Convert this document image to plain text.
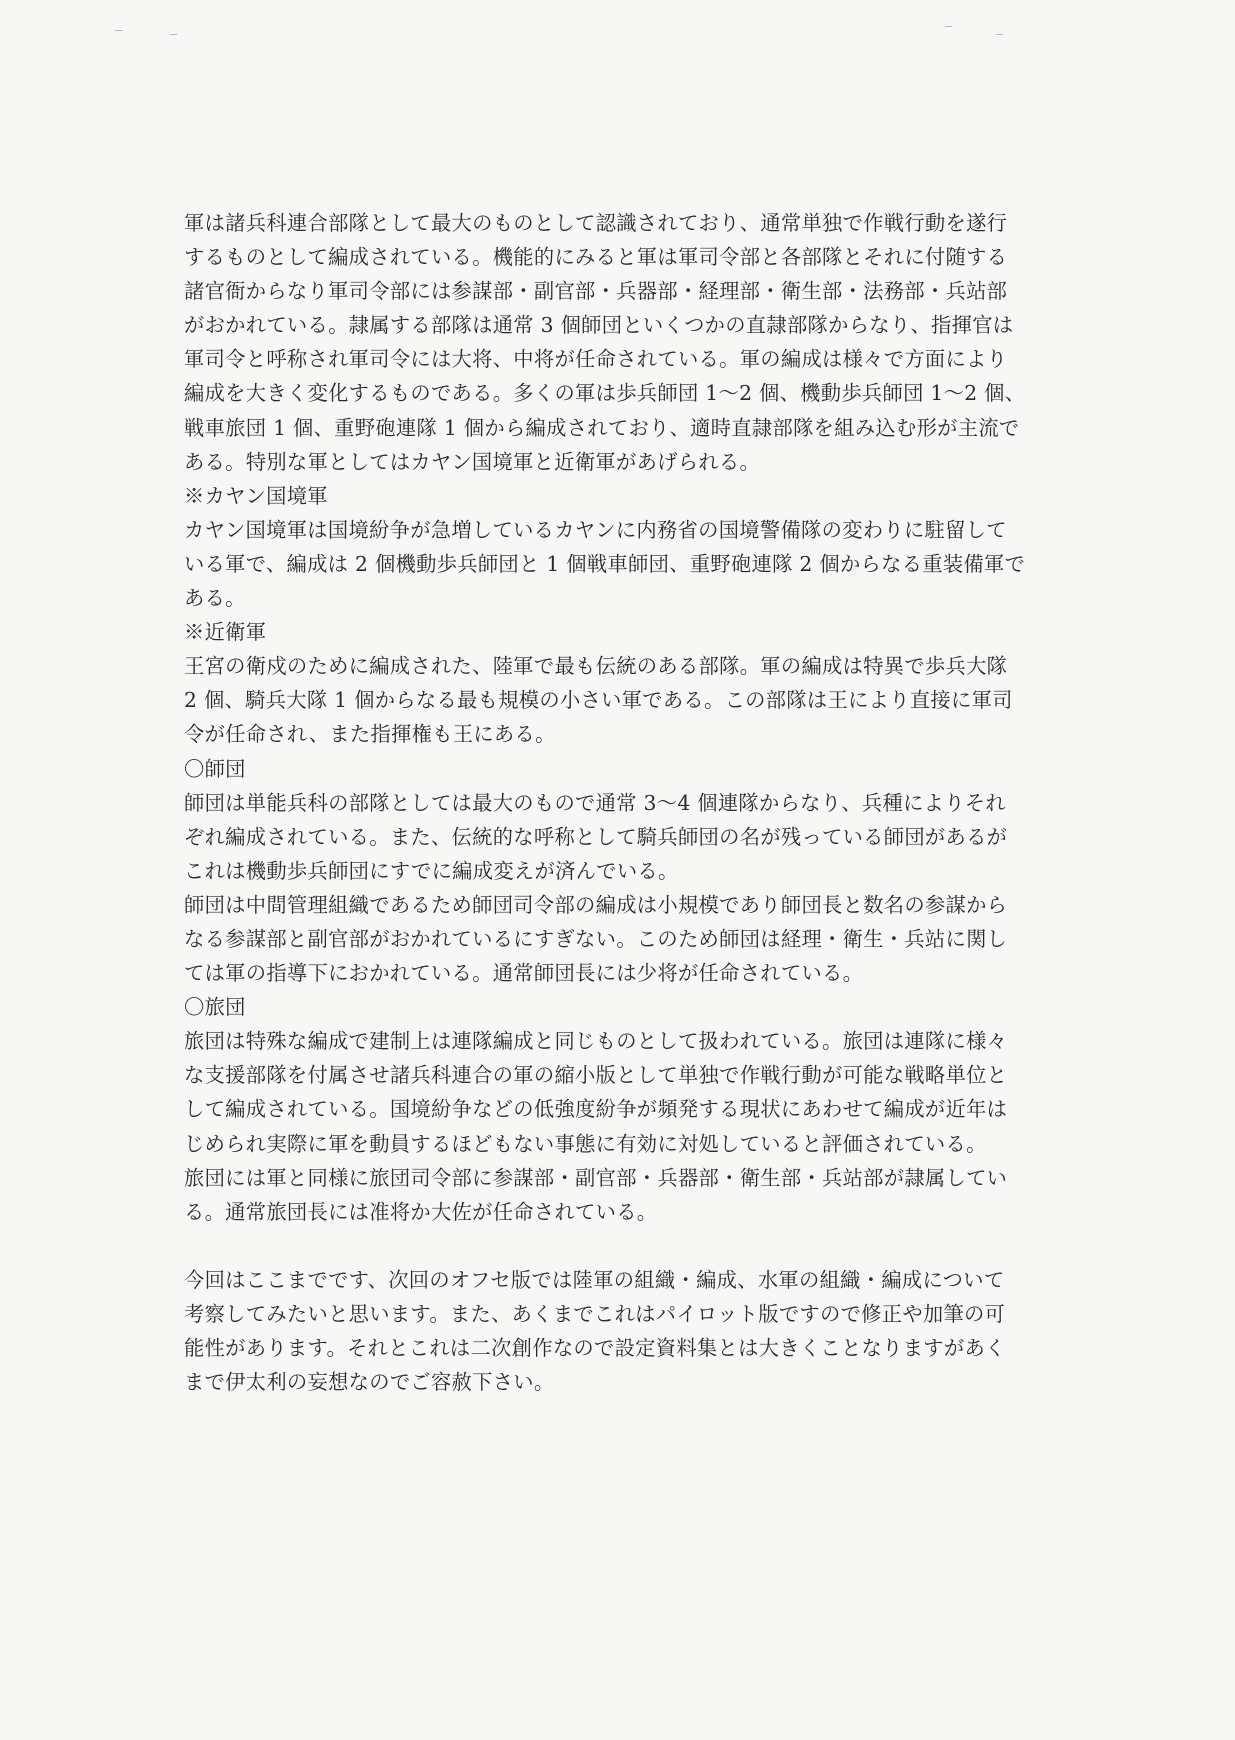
軍は諸兵科連合部隊として最大のものとして認識されており、通常単独で作戦行動を遂行
するものとして編成されている。機能的にみると軍は軍司令部と各部隊とそれに付随する
諸官衙からなり軍司令部には参謀部・副官部・兵器部・経理部・衛生部・法務部・兵站部
がおかれている。隷属する部隊は通常 3 個師団といくつかの直隷部隊からなり、指揮官は
軍司令と呼称され軍司令には大将、中将が任命されている。軍の編成は様々で方面により
編成を大きく変化するものである。多くの軍は歩兵師団 1〜2 個、機動歩兵師団 1〜2 個、
戦車旅団 1 個、重野砲連隊 1 個から編成されており、適時直隷部隊を組み込む形が主流で
ある。特別な軍としてはカヤン国境軍と近衛軍があげられる。
※カヤン国境軍
カヤン国境軍は国境紛争が急増しているカヤンに内務省の国境警備隊の変わりに駐留して
いる軍で、編成は 2 個機動歩兵師団と 1 個戦車師団、重野砲連隊 2 個からなる重装備軍で
ある。
※近衛軍
王宮の衛戍のために編成された、陸軍で最も伝統のある部隊。軍の編成は特異で歩兵大隊
2 個、騎兵大隊 1 個からなる最も規模の小さい軍である。この部隊は王により直接に軍司
令が任命され、また指揮権も王にある。
〇師団
師団は単能兵科の部隊としては最大のもので通常 3〜4 個連隊からなり、兵種によりそれ
ぞれ編成されている。また、伝統的な呼称として騎兵師団の名が残っている師団があるが
これは機動歩兵師団にすでに編成変えが済んでいる。
師団は中間管理組織であるため師団司令部の編成は小規模であり師団長と数名の参謀から
なる参謀部と副官部がおかれているにすぎない。このため師団は経理・衛生・兵站に関し
ては軍の指導下におかれている。通常師団長には少将が任命されている。
〇旅団
旅団は特殊な編成で建制上は連隊編成と同じものとして扱われている。旅団は連隊に様々
な支援部隊を付属させ諸兵科連合の軍の縮小版として単独で作戦行動が可能な戦略単位と
して編成されている。国境紛争などの低強度紛争が頻発する現状にあわせて編成が近年は
じめられ実際に軍を動員するほどもない事態に有効に対処していると評価されている。
旅団には軍と同様に旅団司令部に参謀部・副官部・兵器部・衛生部・兵站部が隷属してい
る。通常旅団長には准将か大佐が任命されている。
今回はここまでです、次回のオフセ版では陸軍の組織・編成、水軍の組織・編成について
考察してみたいと思います。また、あくまでこれはパイロット版ですので修正や加筆の可
能性があります。それとこれは二次創作なので設定資料集とは大きくことなりますがあく
まで伊太利の妄想なのでご容赦下さい。
